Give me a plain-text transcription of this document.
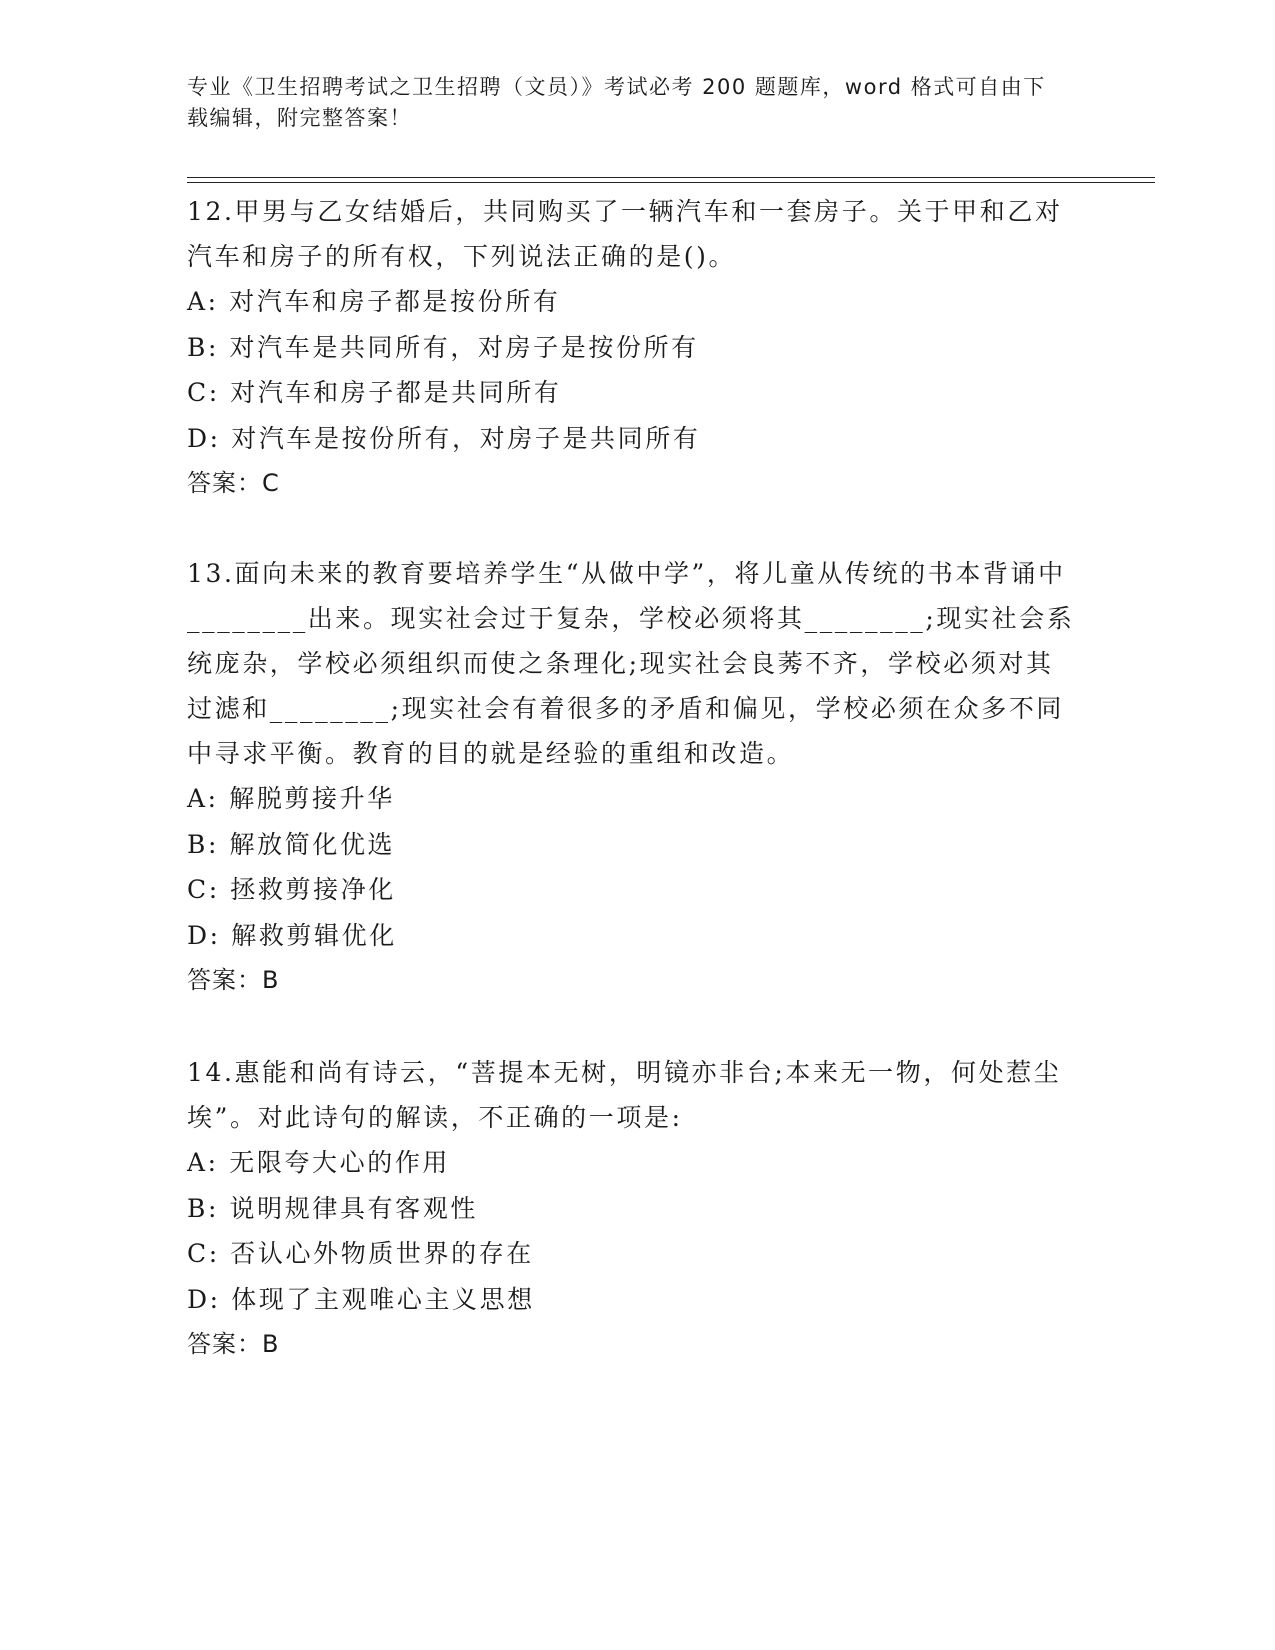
专业《卫生招聘考试之卫生招聘（文员）》考试必考 200 题题库，word 格式可自由下载编辑，附完整答案！
12.甲男与乙女结婚后，共同购买了一辆汽车和一套房子。关于甲和乙对汽车和房子的所有权，下列说法正确的是()。
A: 对汽车和房子都是按份所有
B: 对汽车是共同所有，对房子是按份所有
C: 对汽车和房子都是共同所有
D: 对汽车是按份所有，对房子是共同所有
答案：C
13.面向未来的教育要培养学生“从做中学”，将儿童从传统的书本背诵中________出来。现实社会过于复杂，学校必须将其________;现实社会系统庞杂，学校必须组织而使之条理化;现实社会良莠不齐，学校必须对其过滤和________;现实社会有着很多的矛盾和偏见，学校必须在众多不同中寻求平衡。教育的目的就是经验的重组和改造。
A: 解脱剪接升华
B: 解放简化优选
C: 拯救剪接净化
D: 解救剪辑优化
答案：B
14.惠能和尚有诗云，“菩提本无树，明镜亦非台;本来无一物，何处惹尘埃”。对此诗句的解读，不正确的一项是:
A: 无限夸大心的作用
B: 说明规律具有客观性
C: 否认心外物质世界的存在
D: 体现了主观唯心主义思想
答案：B
